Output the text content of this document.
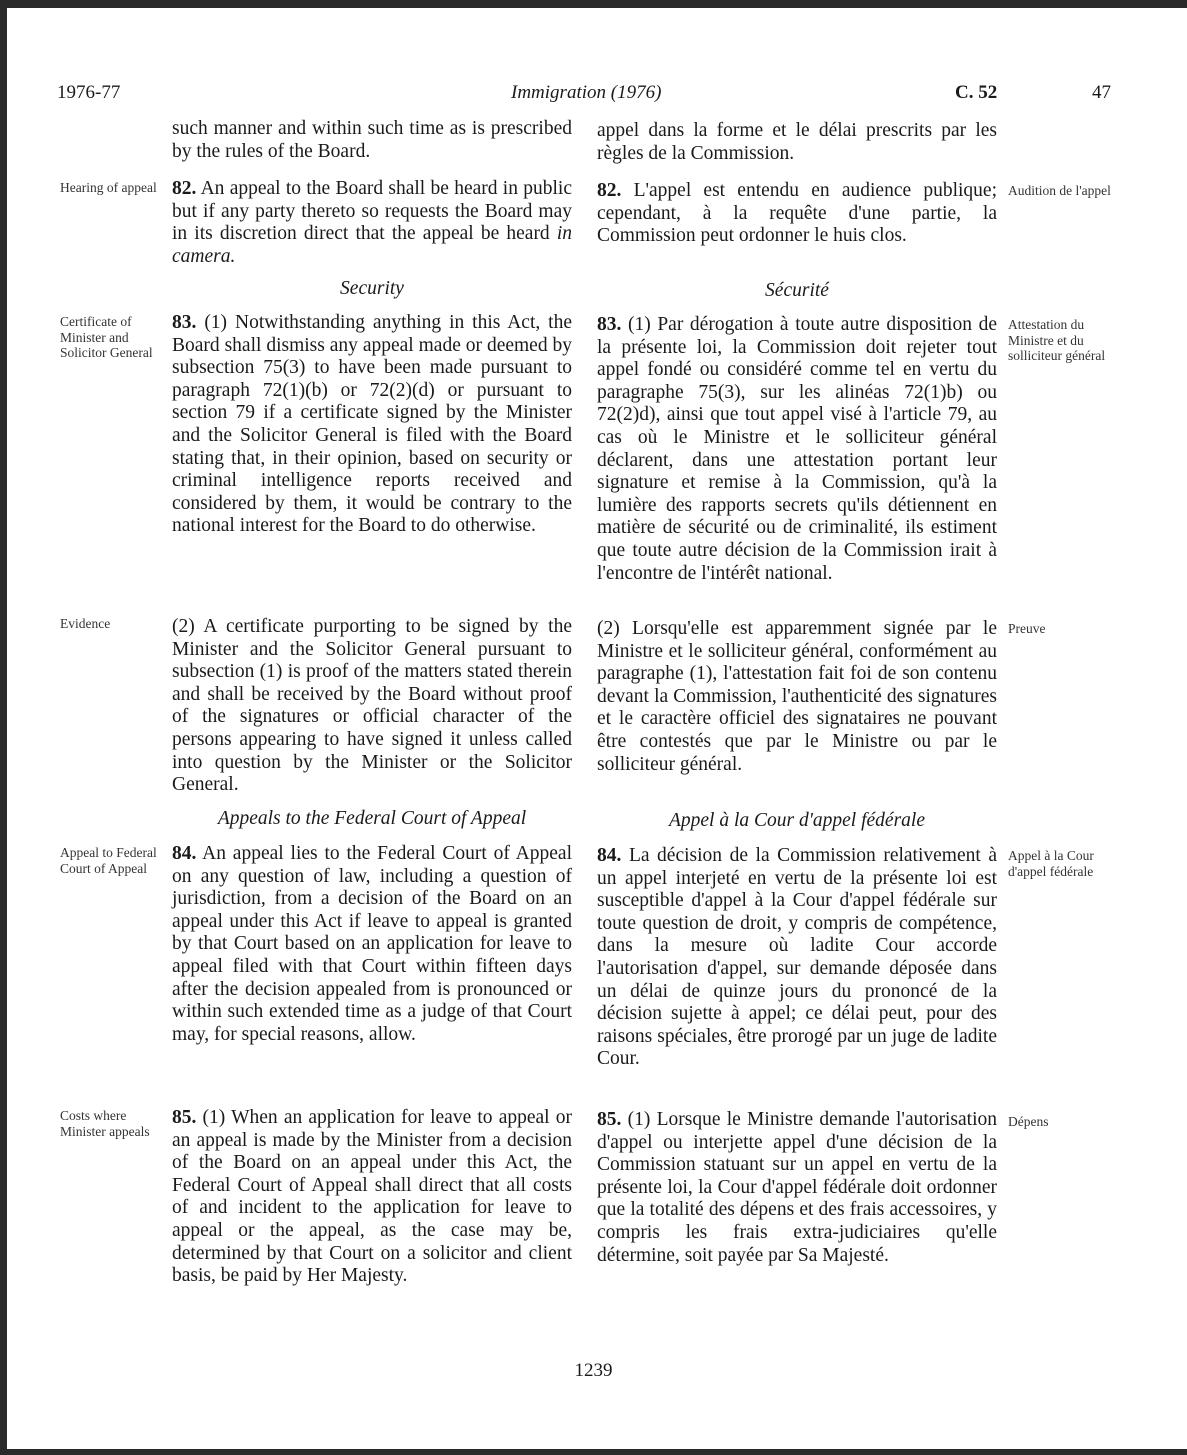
1976-77	Immigration (1976)	C. 52	47
such manner and within such time as is prescribed by the rules of the Board.
appel dans la forme et le délai prescrits par les règles de la Commission.
Hearing of appeal 82. An appeal to the Board shall be heard in public but if any party thereto so requests the Board may in its discretion direct that the appeal be heard in camera.
82. L'appel est entendu en audience publique; cependant, à la requête d'une partie, la Commission peut ordonner le huis clos.
Audition de l'appel
Security	Sécurité
Certificate of Minister and Solicitor General
83. (1) Notwithstanding anything in this Act, the Board shall dismiss any appeal made or deemed by subsection 75(3) to have been made pursuant to paragraph 72(1)(b) or 72(2)(d) or pursuant to section 79 if a certificate signed by the Minister and the Solicitor General is filed with the Board stating that, in their opinion, based on security or criminal intelligence reports received and considered by them, it would be contrary to the national interest for the Board to do otherwise.
83. (1) Par dérogation à toute autre disposition de la présente loi, la Commission doit rejeter tout appel fondé ou considéré comme tel en vertu du paragraphe 75(3), sur les alinéas 72(1)b) ou 72(2)d), ainsi que tout appel visé à l'article 79, au cas où le Ministre et le solliciteur général déclarent, dans une attestation portant leur signature et remise à la Commission, qu'à la lumière des rapports secrets qu'ils détiennent en matière de sécurité ou de criminalité, ils estiment que toute autre décision de la Commission irait à l'encontre de l'intérêt national.
Attestation du Ministre et du solliciteur général
Evidence	(2) A certificate purporting to be signed by the Minister and the Solicitor General pursuant to subsection (1) is proof of the matters stated therein and shall be received by the Board without proof of the signatures or official character of the persons appearing to have signed it unless called into question by the Minister or the Solicitor General.
(2) Lorsqu'elle est apparemment signée par le Ministre et le solliciteur général, conformément au paragraphe (1), l'attestation fait foi de son contenu devant la Commission, l'authenticité des signatures et le caractère officiel des signataires ne pouvant être contestés que par le Ministre ou par le solliciteur général.
Preuve
Appeals to the Federal Court of Appeal	Appel à la Cour d'appel fédérale
Appeal to Federal Court of Appeal
84. An appeal lies to the Federal Court of Appeal on any question of law, including a question of jurisdiction, from a decision of the Board on an appeal under this Act if leave to appeal is granted by that Court based on an application for leave to appeal filed with that Court within fifteen days after the decision appealed from is pronounced or within such extended time as a judge of that Court may, for special reasons, allow.
84. La décision de la Commission relativement à un appel interjeté en vertu de la présente loi est susceptible d'appel à la Cour d'appel fédérale sur toute question de droit, y compris de compétence, dans la mesure où ladite Cour accorde l'autorisation d'appel, sur demande déposée dans un délai de quinze jours du prononcé de la décision sujette à appel; ce délai peut, pour des raisons spéciales, être prorogé par un juge de ladite Cour.
Appel à la Cour d'appel fédérale
Costs where Minister appeals
85. (1) When an application for leave to appeal or an appeal is made by the Minister from a decision of the Board on an appeal under this Act, the Federal Court of Appeal shall direct that all costs of and incident to the application for leave to appeal or the appeal, as the case may be, determined by that Court on a solicitor and client basis, be paid by Her Majesty.
85. (1) Lorsque le Ministre demande l'autorisation d'appel ou interjette appel d'une décision de la Commission statuant sur un appel en vertu de la présente loi, la Cour d'appel fédérale doit ordonner que la totalité des dépens et des frais accessoires, y compris les frais extra-judiciaires qu'elle détermine, soit payée par Sa Majesté.
Dépens
1239
